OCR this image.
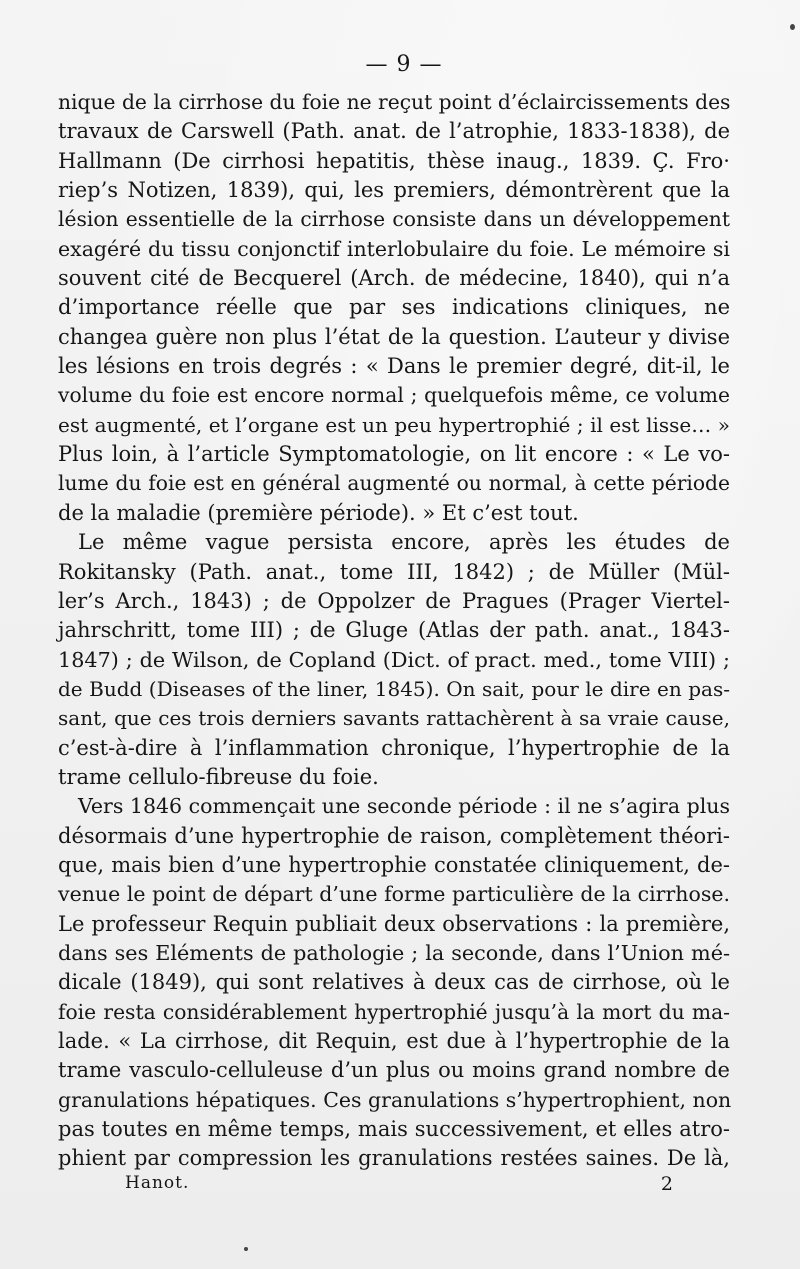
— 9 —
nique de la cirrhose du foie ne reçut point d’éclaircissements des
travaux de Carswell (Path. anat. de l’atrophie, 1833-1838), de
Hallmann (De cirrhosi hepatitis, thèse inaug., 1839. Ç. Fro·
riep’s Notizen, 1839), qui, les premiers, démontrèrent que la
lésion essentielle de la cirrhose consiste dans un développement
exagéré du tissu conjonctif interlobulaire du foie. Le mémoire si
souvent cité de Becquerel (Arch. de médecine, 1840), qui n’a
d’importance réelle que par ses indications cliniques, ne
changea guère non plus l’état de la question. L’auteur y divise
les lésions en trois degrés : « Dans le premier degré, dit-il, le
volume du foie est encore normal ; quelquefois même, ce volume
est augmenté, et l’organe est un peu hypertrophié ; il est lisse… »
Plus loin, à l’article Symptomatologie, on lit encore : « Le vo-
lume du foie est en général augmenté ou normal, à cette période
de la maladie (première période). » Et c’est tout.
Le même vague persista encore, après les études de
Rokitansky (Path. anat., tome III, 1842) ; de Müller (Mül-
ler’s Arch., 1843) ; de Oppolzer de Pragues (Prager Viertel-
jahrschritt, tome III) ; de Gluge (Atlas der path. anat., 1843-
1847) ; de Wilson, de Copland (Dict. of pract. med., tome VIII) ;
de Budd (Diseases of the liner, 1845). On sait, pour le dire en pas-
sant, que ces trois derniers savants rattachèrent à sa vraie cause,
c’est-à-dire à l’inflammation chronique, l’hypertrophie de la
trame cellulo-fibreuse du foie.
Vers 1846 commençait une seconde période : il ne s’agira plus
désormais d’une hypertrophie de raison, complètement théori-
que, mais bien d’une hypertrophie constatée cliniquement, de-
venue le point de départ d’une forme particulière de la cirrhose.
Le professeur Requin publiait deux observations : la première,
dans ses Eléments de pathologie ; la seconde, dans l’Union mé-
dicale (1849), qui sont relatives à deux cas de cirrhose, où le
foie resta considérablement hypertrophié jusqu’à la mort du ma-
lade. « La cirrhose, dit Requin, est due à l’hypertrophie de la
trame vasculo-celluleuse d’un plus ou moins grand nombre de
granulations hépatiques. Ces granulations s’hypertrophient, non
pas toutes en même temps, mais successivement, et elles atro-
phient par compression les granulations restées saines. De là,
Hanot.	2
